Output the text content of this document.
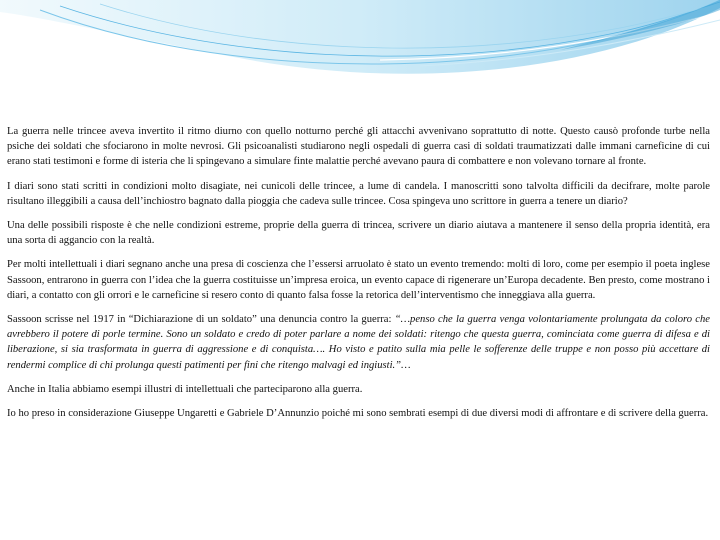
La guerra nelle trincee aveva invertito il ritmo diurno con quello notturno perché gli attacchi avvenivano soprattutto di notte. Questo causò profonde turbe nella psiche dei soldati che sfociarono in molte nevrosi. Gli psicoanalisti studiarono negli ospedali di guerra casi di soldati traumatizzati dalle immani carneficine di cui erano stati testimoni e forme di isteria che li spingevano a simulare finte malattie perché avevano paura di combattere e non volevano tornare al fronte.

I diari sono stati scritti in condizioni molto disagiate, nei cunicoli delle trincee, a lume di candela. I manoscritti sono talvolta difficili da decifrare, molte parole risultano illeggibili a causa dell’inchiostro bagnato dalla pioggia che cadeva sulle trincee. Cosa spingeva uno scrittore in guerra a tenere un diario?

Una delle possibili risposte è che nelle condizioni estreme, proprie della guerra di trincea, scrivere un diario aiutava a mantenere il senso della propria identità, era una sorta di aggancio con la realtà.

Per molti intellettuali i diari segnano anche una presa di coscienza che l’essersi arruolato è stato un evento tremendo: molti di loro, come per esempio il poeta inglese Sassoon, entrarono in guerra con l’idea che la guerra costituisse un’impresa eroica, un evento capace di rigenerare un’Europa decadente. Ben presto, come mostrano i diari, a contatto con gli orrori e le carneficine si resero conto di quanto falsa fosse la retorica dell’interventismo che inneggiava alla guerra.

Sassoon scrisse nel 1917 in “Dichiarazione di un soldato” una denuncia contro la guerra: “…penso che la guerra venga volontariamente prolungata da coloro che avrebbero il potere di porle termine. Sono un soldato e credo di poter parlare a nome dei soldati: ritengo che questa guerra, cominciata come guerra di difesa e di liberazione, si sia trasformata in guerra di aggressione e di conquista…. Ho visto e patito sulla mia pelle le sofferenze delle truppe e non posso più accettare di rendermi complice di chi prolunga questi patimenti per fini che ritengo malvagi ed ingiusti.”…

Anche in Italia abbiamo esempi illustri di intellettuali che parteciparono alla guerra.

Io ho preso in considerazione Giuseppe Ungaretti e Gabriele D’Annunzio poiché mi sono sembrati esempi di due diversi modi di affrontare e di scrivere della guerra.
